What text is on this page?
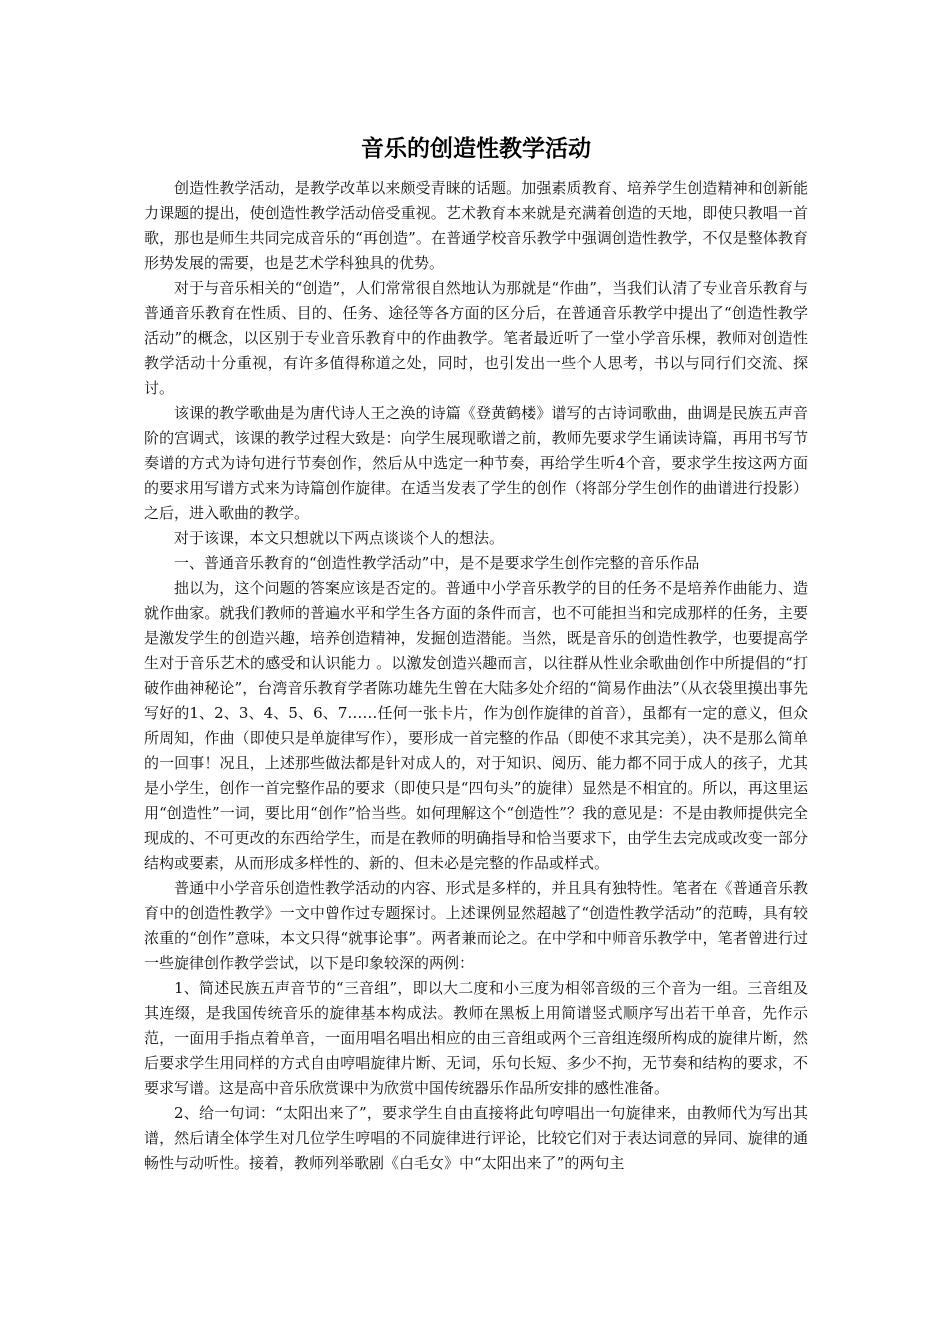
音乐的创造性教学活动

创造性教学活动，是教学改革以来颇受青睐的话题。加强素质教育、培养学生创造精神和创新能力课题的提出，使创造性教学活动倍受重视。艺术教育本来就是充满着创造的天地，即使只教唱一首歌，那也是师生共同完成音乐的“再创造”。在普通学校音乐教学中强调创造性教学，不仅是整体教育形势发展的需要，也是艺术学科独具的优势。

对于与音乐相关的“创造”，人们常常很自然地认为那就是“作曲”，当我们认清了专业音乐教育与普通音乐教育在性质、目的、任务、途径等各方面的区分后，在普通音乐教学中提出了“创造性教学活动”的概念，以区别于专业音乐教育中的作曲教学。笔者最近听了一堂小学音乐棵，教师对创造性教学活动十分重视，有许多值得称道之处，同时，也引发出一些个人思考，书以与同行们交流、探讨。

该课的教学歌曲是为唐代诗人王之涣的诗篇《登黄鹤楼》谱写的古诗词歌曲，曲调是民族五声音阶的宫调式，该课的教学过程大致是：向学生展现歌谱之前，教师先要求学生诵读诗篇，再用书写节奏谱的方式为诗句进行节奏创作，然后从中选定一种节奏，再给学生听4个音，要求学生按这两方面的要求用写谱方式来为诗篇创作旋律。在适当发表了学生的创作（将部分学生创作的曲谱进行投影）之后，进入歌曲的教学。

对于该课，本文只想就以下两点谈谈个人的想法。

一、普通音乐教育的“创造性教学活动”中，是不是要求学生创作完整的音乐作品

拙以为，这个问题的答案应该是否定的。普通中小学音乐教学的目的任务不是培养作曲能力、造就作曲家。就我们教师的普遍水平和学生各方面的条件而言，也不可能担当和完成那样的任务，主要是激发学生的创造兴趣，培养创造精神，发掘创造潜能。当然，既是音乐的创造性教学，也要提高学生对于音乐艺术的感受和认识能力 。以激发创造兴趣而言，以往群从性业余歌曲创作中所提倡的“打破作曲神秘论”，台湾音乐教育学者陈功雄先生曾在大陆多处介绍的“简易作曲法”（从衣袋里摸出事先写好的1、2、3、4、5、6、7……任何一张卡片，作为创作旋律的首音），虽都有一定的意义，但众所周知，作曲（即使只是单旋律写作），要形成一首完整的作品（即使不求其完美），决不是那么简单的一回事！况且，上述那些做法都是针对成人的，对于知识、阅历、能力都不同于成人的孩子，尤其是小学生，创作一首完整作品的要求（即使只是“四句头”的旋律）显然是不相宜的。所以，再这里运用“创造性”一词，要比用“创作”恰当些。如何理解这个“创造性”？我的意见是：不是由教师提供完全现成的、不可更改的东西给学生，而是在教师的明确指导和恰当要求下，由学生去完成或改变一部分结构或要素，从而形成多样性的、新的、但未必是完整的作品或样式。

普通中小学音乐创造性教学活动的内容、形式是多样的，并且具有独特性。笔者在《普通音乐教育中的创造性教学》一文中曾作过专题探讨。上述课例显然超越了“创造性教学活动”的范畴，具有较浓重的“创作”意味，本文只得“就事论事”。两者兼而论之。在中学和中师音乐教学中，笔者曾进行过一些旋律创作教学尝试，以下是印象较深的两例：

1、简述民族五声音节的“三音组”，即以大二度和小三度为相邻音级的三个音为一组。三音组及其连缀，是我国传统音乐的旋律基本构成法。教师在黑板上用简谱竖式顺序写出若干单音，先作示范，一面用手指点着单音，一面用唱名唱出相应的由三音组或两个三音组连缀所构成的旋律片断，然后要求学生用同样的方式自由哼唱旋律片断、无词，乐句长短、多少不拘，无节奏和结构的要求，不要求写谱。这是高中音乐欣赏课中为欣赏中国传统器乐作品所安排的感性准备。

2、给一句词：“太阳出来了”，要求学生自由直接将此句哼唱出一句旋律来，由教师代为写出其谱，然后请全体学生对几位学生哼唱的不同旋律进行评论，比较它们对于表达词意的异同、旋律的通畅性与动听性。接着，教师列举歌剧《白毛女》中“太阳出来了”的两句主
